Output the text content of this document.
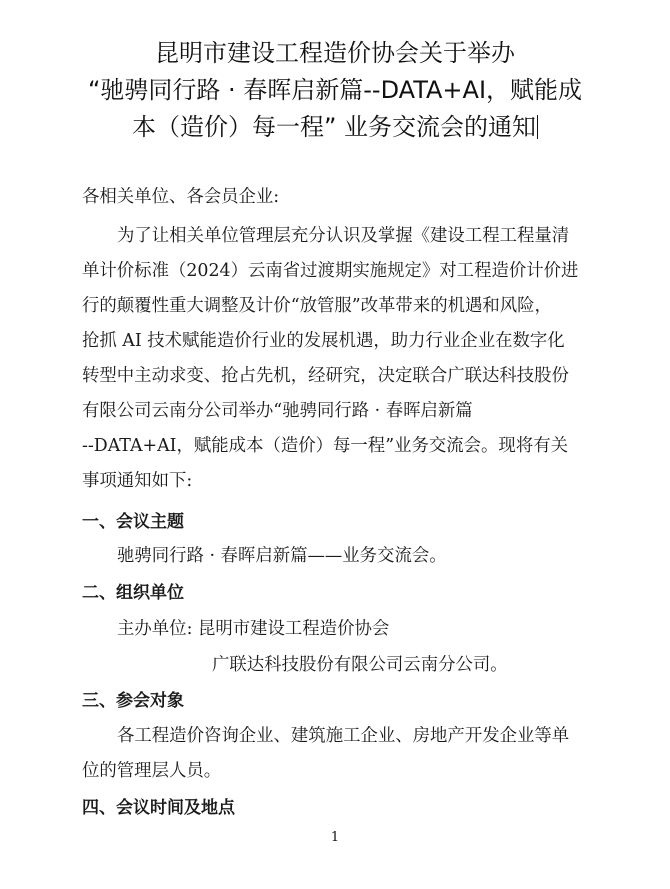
昆明市建设工程造价协会关于举办
“驰骋同行路 · 春晖启新篇--DATA+AI，赋能成
本（造价）每一程” 业务交流会的通知
各相关单位、各会员企业:
为了让相关单位管理层充分认识及掌握《建设工程工程量清
单计价标准（2024）云南省过渡期实施规定》对工程造价计价进
行的颠覆性重大调整及计价“放管服”改革带来的机遇和风险，
抢抓 AI 技术赋能造价行业的发展机遇，助力行业企业在数字化
转型中主动求变、抢占先机，经研究，决定联合广联达科技股份
有限公司云南分公司举办“驰骋同行路 · 春晖启新篇
--DATA+AI，赋能成本（造价）每一程”业务交流会。现将有关
事项通知如下:
一、会议主题
驰骋同行路 · 春晖启新篇——业务交流会。
二、组织单位
主办单位: 昆明市建设工程造价协会
广联达科技股份有限公司云南分公司。
三、参会对象
各工程造价咨询企业、建筑施工企业、房地产开发企业等单
位的管理层人员。
四、会议时间及地点
1
